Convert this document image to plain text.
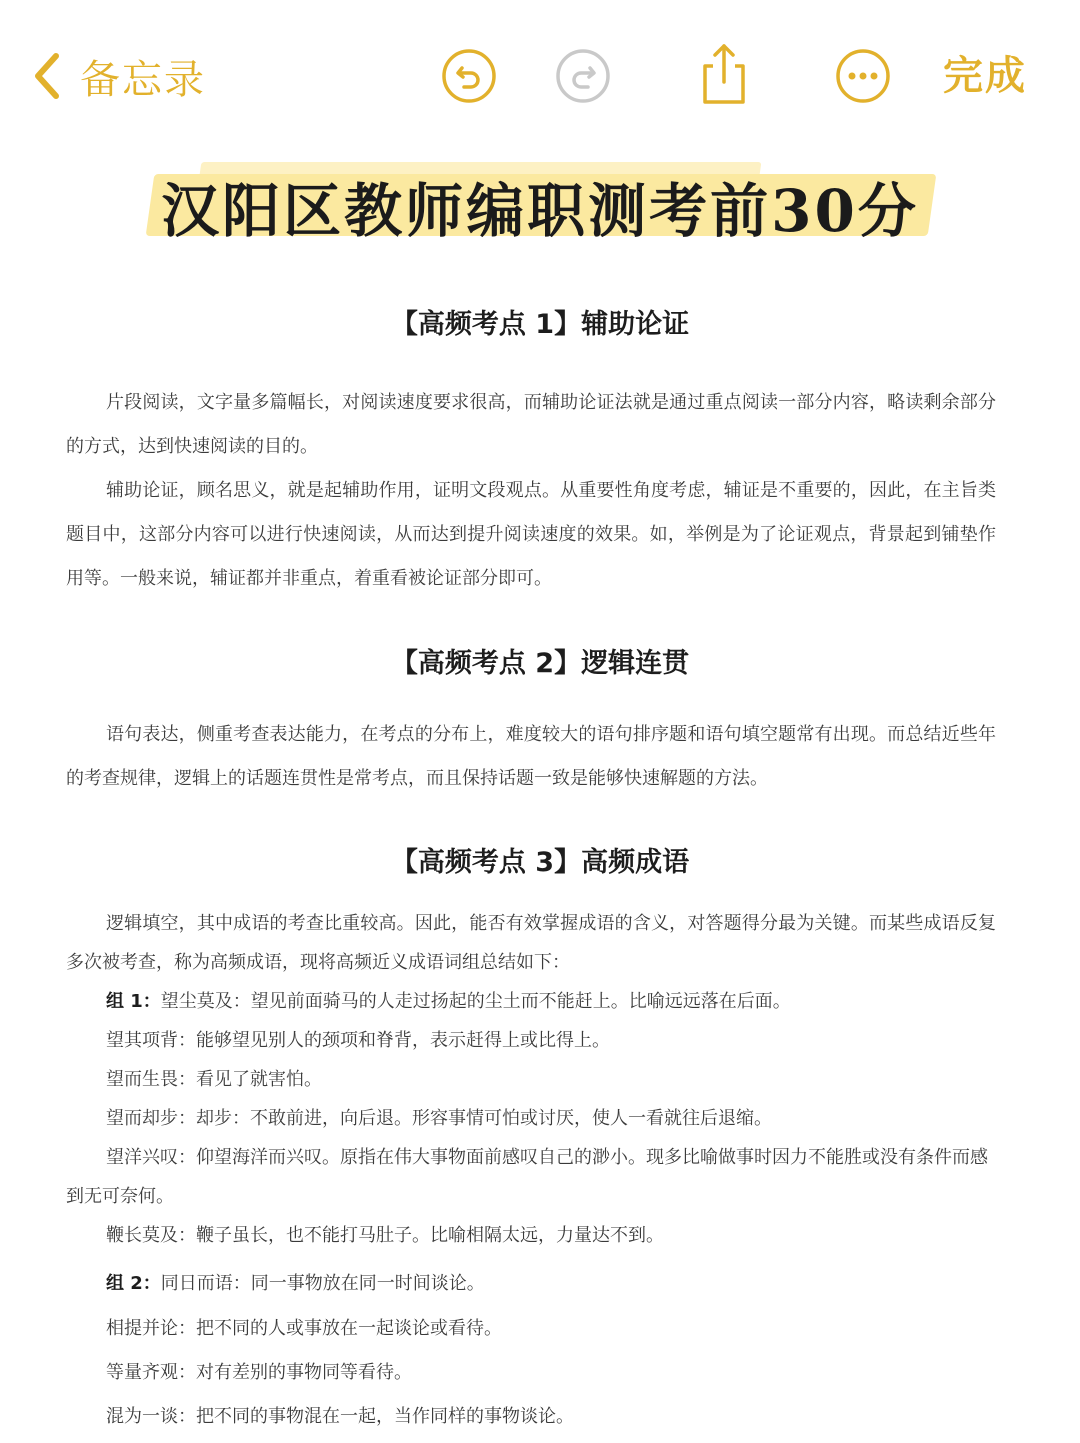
备忘录	完成
汉阳区教师编职测考前30分
【高频考点 1】辅助论证

片段阅读，文字量多篇幅长，对阅读速度要求很高，而辅助论证法就是通过重点阅读一部分内容，略读剩余部分的方式，达到快速阅读的目的。

辅助论证，顾名思义，就是起辅助作用，证明文段观点。从重要性角度考虑，辅证是不重要的，因此，在主旨类题目中，这部分内容可以进行快速阅读，从而达到提升阅读速度的效果。如，举例是为了论证观点，背景起到铺垫作用等。一般来说，辅证都并非重点，着重看被论证部分即可。

【高频考点 2】逻辑连贯

语句表达，侧重考查表达能力，在考点的分布上，难度较大的语句排序题和语句填空题常有出现。而总结近些年的考查规律，逻辑上的话题连贯性是常考点，而且保持话题一致是能够快速解题的方法。

【高频考点 3】高频成语

逻辑填空，其中成语的考查比重较高。因此，能否有效掌握成语的含义，对答题得分最为关键。而某些成语反复多次被考查，称为高频成语，现将高频近义成语词组总结如下：

组 1：望尘莫及：望见前面骑马的人走过扬起的尘土而不能赶上。比喻远远落在后面。

望其项背：能够望见别人的颈项和脊背，表示赶得上或比得上。

望而生畏：看见了就害怕。

望而却步：却步：不敢前进，向后退。形容事情可怕或讨厌，使人一看就往后退缩。

望洋兴叹：仰望海洋而兴叹。原指在伟大事物面前感叹自己的渺小。现多比喻做事时因力不能胜或没有条件而感到无可奈何。

鞭长莫及：鞭子虽长，也不能打马肚子。比喻相隔太远，力量达不到。

组 2：同日而语：同一事物放在同一时间谈论。

相提并论：把不同的人或事放在一起谈论或看待。

等量齐观：对有差别的事物同等看待。

混为一谈：把不同的事物混在一起，当作同样的事物谈论。
